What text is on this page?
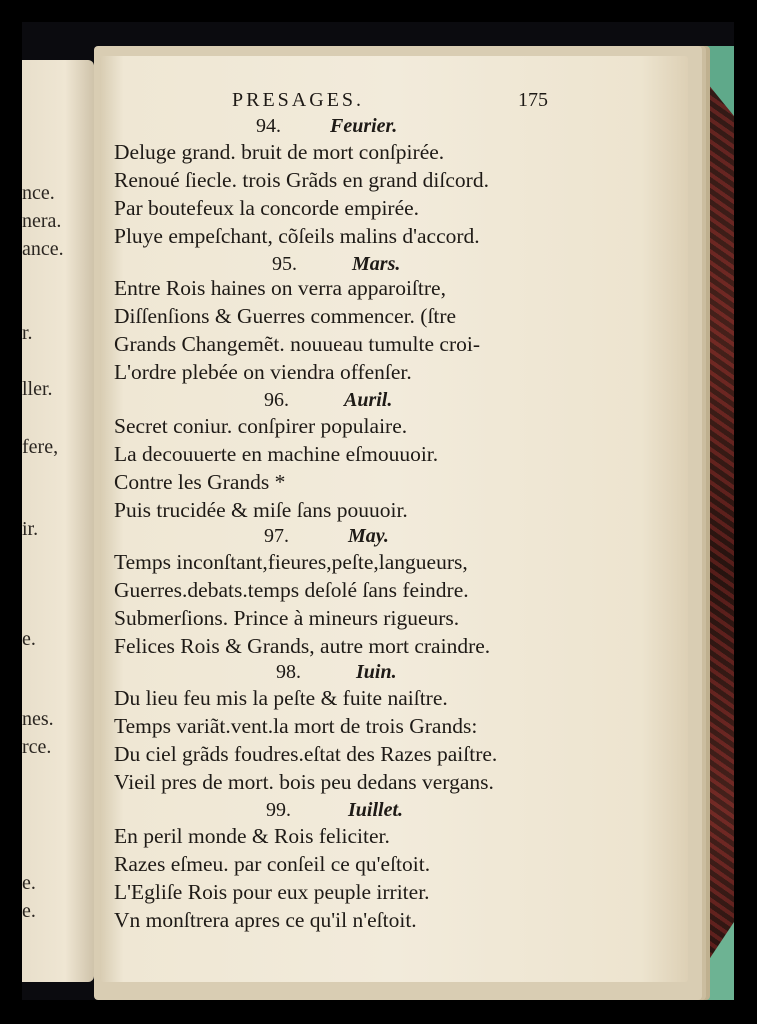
nce.
nera.
ance.
r.
ller.
fere,
ir.
e.
nes.
rce.
e.
e.
PRESAGES.	175
94. Feurier.
Deluge grand. bruit de mort conſpirée.
Renoué ſiecle. trois Grãds en grand diſcord.
Par boutefeux la concorde empirée.
Pluye empeſchant, cõſeils malins d'accord.
95.	Mars.
Entre Rois haines on verra apparoiſtre,
Diſſenſions & Guerres commencer. (ſtre
Grands Changemẽt. nouueau tumulte croi-
L'ordre plebée on viendra offenſer.
96.	Auril.
Secret coniur. conſpirer populaire.
La decouuerte en machine eſmouuoir.
Contre les Grands *
Puis trucidée & miſe ſans pouuoir.
97.	May.
Temps inconſtant,fieures,peſte,langueurs,
Guerres.debats.temps deſolé ſans feindre.
Submerſions. Prince à mineurs rigueurs.
Felices Rois & Grands, autre mort craindre.
98.	Iuin.
Du lieu feu mis la peſte & fuite naiſtre.
Temps variãt.vent.la mort de trois Grands:
Du ciel grãds foudres.eſtat des Razes paiſtre.
Vieil pres de mort. bois peu dedans vergans.
99.	Iuillet.
En peril monde & Rois feliciter.
Razes eſmeu. par conſeil ce qu'eſtoit.
L'Egliſe Rois pour eux peuple irriter.
Vn monſtrera apres ce qu'il n'eſtoit.
